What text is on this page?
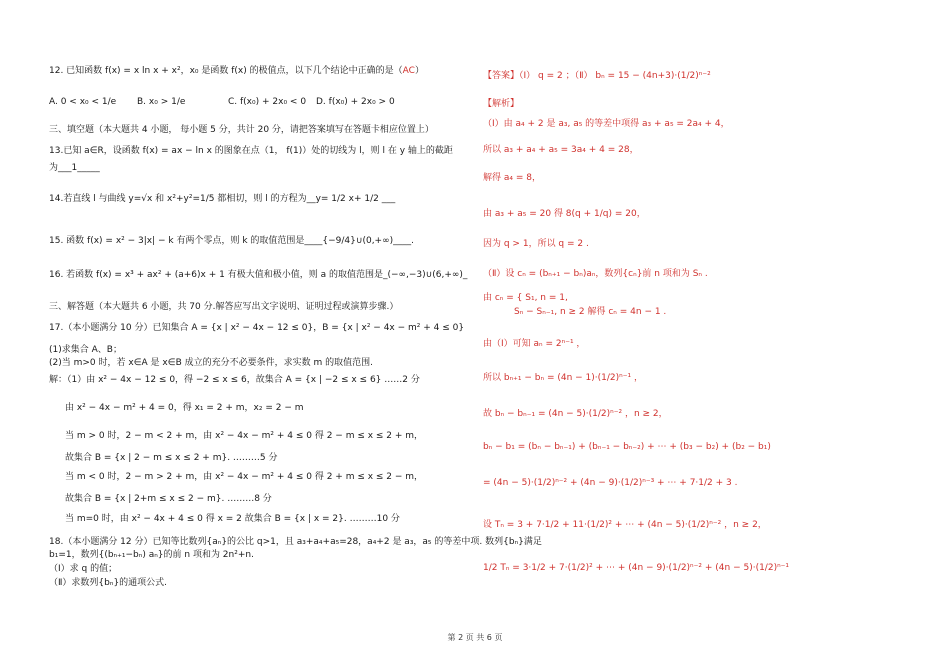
12. 已知函数 f(x) = x ln x + x²，x₀ 是函数 f(x) 的极值点，以下几个结论中正确的是（AC）
A. 0 < x₀ < 1/e B. x₀ > 1/e	C. f(x₀) + 2x₀ < 0 D. f(x₀) + 2x₀ > 0
三、填空题（本大题共 4 小题， 每小题 5 分，共计 20 分，请把答案填写在答题卡相应位置上）
13.已知 a∈R，设函数 f(x) = ax − ln x 的图象在点（1， f(1)）处的切线为 l，则 l 在 y 轴上的截距
为___1_____
14.若直线 l 与曲线 y=√x 和 x²+y²=1/5 都相切，则 l 的方程为__y= 1/2 x+ 1/2 ___
15. 函数 f(x) = x² − 3|x| − k 有两个零点，则 k 的取值范围是____{−9/4}∪(0,+∞)____.
16. 若函数 f(x) = x³ + ax² + (a+6)x + 1 有极大值和极小值，则 a 的取值范围是_(−∞,−3)∪(6,+∞)_
三、解答题（本大题共 6 小题，共 70 分.解答应写出文字说明、证明过程或演算步骤.）
17.（本小题满分 10 分）已知集合 A = {x | x² − 4x − 12 ≤ 0}，B = {x | x² − 4x − m² + 4 ≤ 0}
(1)求集合 A、B；
(2)当 m>0 时，若 x∈A 是 x∈B 成立的充分不必要条件，求实数 m 的取值范围.
解：（1）由 x² − 4x − 12 ≤ 0，得 −2 ≤ x ≤ 6，故集合 A = {x | −2 ≤ x ≤ 6} ……2 分
由 x² − 4x − m² + 4 = 0，得 x₁ = 2 + m，x₂ = 2 − m
当 m > 0 时，2 − m < 2 + m，由 x² − 4x − m² + 4 ≤ 0 得 2 − m ≤ x ≤ 2 + m，
故集合 B = {x | 2 − m ≤ x ≤ 2 + m}. ………5 分
当 m < 0 时，2 − m > 2 + m，由 x² − 4x − m² + 4 ≤ 0 得 2 + m ≤ x ≤ 2 − m，
故集合 B = {x | 2+m ≤ x ≤ 2 − m}. ………8 分
当 m=0 时，由 x² − 4x + 4 ≤ 0 得 x = 2 故集合 B = {x | x = 2}. ………10 分
18.（本小题满分 12 分）已知等比数列{aₙ}的公比 q>1，且 a₃+a₄+a₅=28，a₄+2 是 a₃，a₅ 的等差中项. 数列{bₙ}满足
b₁=1，数列{(bₙ₊₁−bₙ) aₙ}的前 n 项和为 2n²+n.
（Ⅰ）求 q 的值；
（Ⅱ）求数列{bₙ}的通项公式.
【答案】（Ⅰ） q = 2 ；（Ⅱ） bₙ = 15 − (4n+3)·(1/2)ⁿ⁻²
【解析】
（Ⅰ）由 a₄ + 2 是 a₃, a₅ 的等差中项得 a₃ + a₅ = 2a₄ + 4，
所以 a₃ + a₄ + a₅ = 3a₄ + 4 = 28，
解得 a₄ = 8，
由 a₃ + a₅ = 20 得 8(q + 1/q) = 20，
因为 q > 1，所以 q = 2 .
（Ⅱ）设 cₙ = (bₙ₊₁ − bₙ)aₙ，数列{cₙ}前 n 项和为 Sₙ .
由 cₙ = { S₁, n = 1,
Sₙ − Sₙ₋₁, n ≥ 2 解得 cₙ = 4n − 1 .
由（Ⅰ）可知 aₙ = 2ⁿ⁻¹ ，
所以 bₙ₊₁ − bₙ = (4n − 1)·(1/2)ⁿ⁻¹ ，
故 bₙ − bₙ₋₁ = (4n − 5)·(1/2)ⁿ⁻² ，n ≥ 2，
bₙ − b₁ = (bₙ − bₙ₋₁) + (bₙ₋₁ − bₙ₋₂) + ⋯ + (b₃ − b₂) + (b₂ − b₁)
= (4n − 5)·(1/2)ⁿ⁻² + (4n − 9)·(1/2)ⁿ⁻³ + ⋯ + 7·1/2 + 3 .
设 Tₙ = 3 + 7·1/2 + 11·(1/2)² + ⋯ + (4n − 5)·(1/2)ⁿ⁻² ，n ≥ 2，
1/2 Tₙ = 3·1/2 + 7·(1/2)² + ⋯ + (4n − 9)·(1/2)ⁿ⁻² + (4n − 5)·(1/2)ⁿ⁻¹
第 2 页 共 6 页
